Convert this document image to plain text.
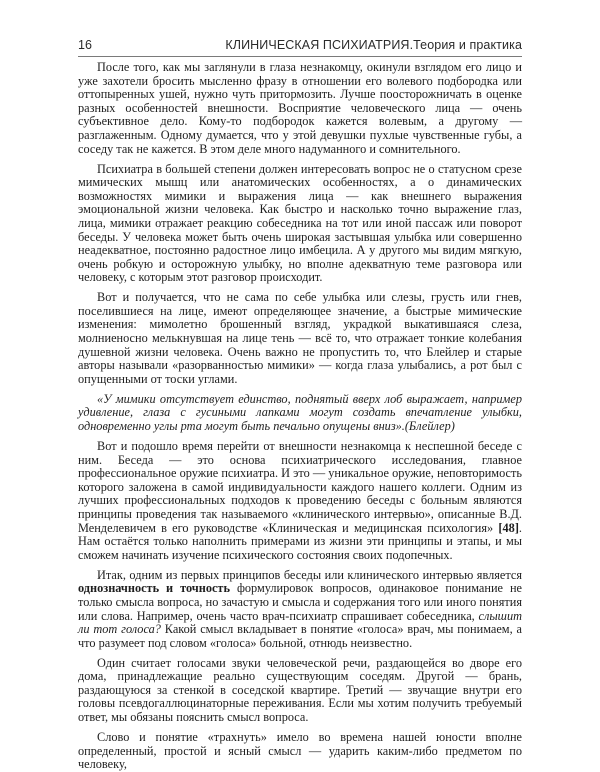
16	КЛИНИЧЕСКАЯ ПСИХИАТРИЯ.Теория и практика

После того, как мы заглянули в глаза незнакомцу, окинули взглядом его лицо и уже захотели бросить мысленно фразу в отношении его волевого подбородка или оттопыренных ушей, нужно чуть притормозить. Лучше поосторожничать в оценке разных особенностей внешности. Восприятие человеческого лица — очень субъективное дело. Кому-то подбородок кажется волевым, а другому — разглаженным. Одному думается, что у этой девушки пухлые чувственные губы, а соседу так не кажется. В этом деле много надуманного и сомнительного.

Психиатра в большей степени должен интересовать вопрос не о статусном срезе мимических мышц или анатомических особенностях, а о динамических возможностях мимики и выражения лица — как внешнего выражения эмоциональной жизни человека. Как быстро и насколько точно выражение глаз, лица, мимики отражает реакцию собеседника на тот или иной пассаж или поворот беседы. У человека может быть очень широкая застывшая улыбка или совершенно неадекватное, постоянно радостное лицо имбецила. А у другого мы видим мягкую, очень робкую и осторожную улыбку, но вполне адекватную теме разговора или человеку, с которым этот разговор происходит.

Вот и получается, что не сама по себе улыбка или слезы, грусть или гнев, поселившиеся на лице, имеют определяющее значение, а быстрые мимические изменения: мимолетно брошенный взгляд, украдкой выкатившаяся слеза, молниеносно мелькнувшая на лице тень — всё то, что отражает тонкие колебания душевной жизни человека. Очень важно не пропустить то, что Блейлер и старые авторы называли «разорванностью мимики» — когда глаза улыбались, а рот был с опущенными от тоски углами.

«У мимики отсутствует единство, поднятый вверх лоб выражает, например удивление, глаза с гусиными лапками могут создать впечатление улыбки, одновременно углы рта могут быть печально опущены вниз».(Блейлер)

Вот и подошло время перейти от внешности незнакомца к неспешной беседе с ним. Беседа — это основа психиатрического исследования, главное профессиональное оружие психиатра. И это — уникальное оружие, неповторимость которого заложена в самой индивидуальности каждого нашего коллеги. Одним из лучших профессиональных подходов к проведению беседы с больным являются принципы проведения так называемого «клинического интервью», описанные В.Д. Менделевичем в его руководстве «Клиническая и медицинская психология» [48]. Нам остаётся только наполнить примерами из жизни эти принципы и этапы, и мы сможем начинать изучение психического состояния своих подопечных.

Итак, одним из первых принципов беседы или клинического интервью является однозначность и точность формулировок вопросов, одинаковое понимание не только смысла вопроса, но зачастую и смысла и содержания того или иного понятия или слова. Например, очень часто врач-психиатр спрашивает собеседника, слышит ли тот голоса? Какой смысл вкладывает в понятие «голоса» врач, мы понимаем, а что разумеет под словом «голоса» больной, отнюдь неизвестно.

Один считает голосами звуки человеческой речи, раздающейся во дворе его дома, принадлежащие реально существующим соседям. Другой — брань, раздающуюся за стенкой в соседской квартире. Третий — звучащие внутри его головы псевдогаллюцинаторные переживания. Если мы хотим получить требуемый ответ, мы обязаны пояснить смысл вопроса.

Слово и понятие «трахнуть» имело во времена нашей юности вполне определенный, простой и ясный смысл — ударить каким-либо предметом по человеку,
